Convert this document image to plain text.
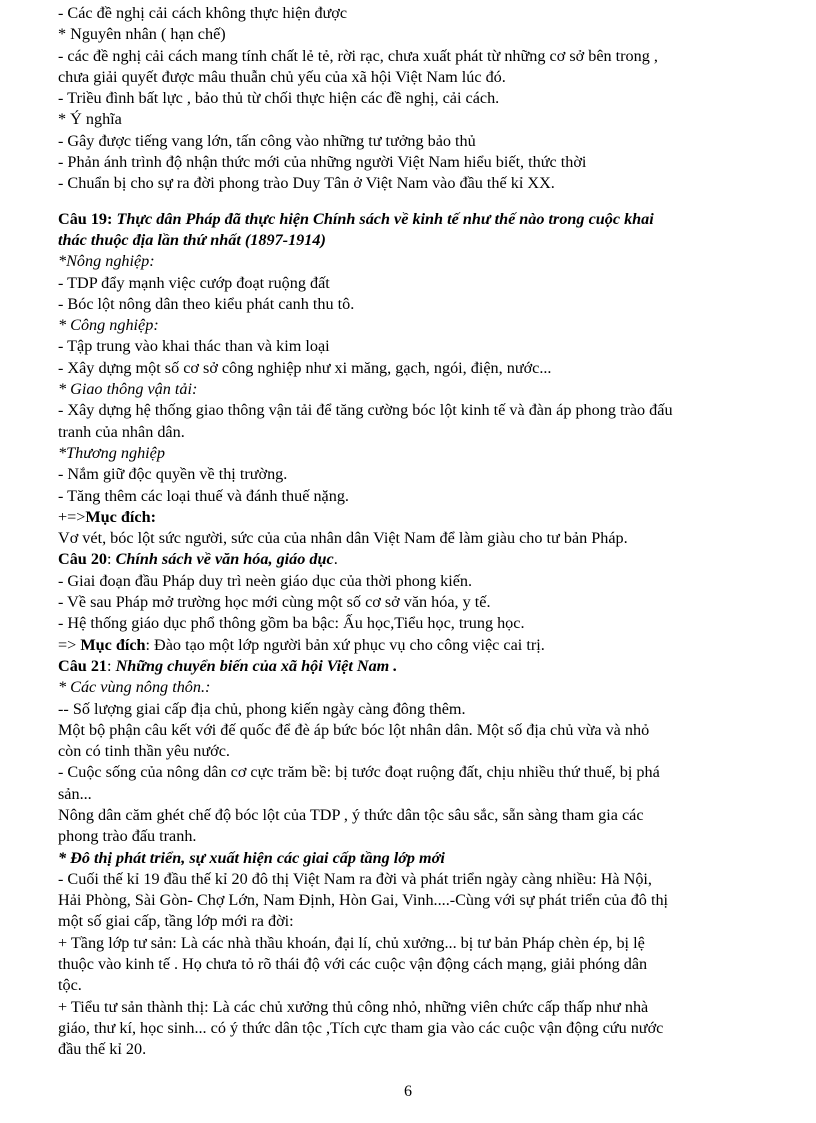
- Các đề nghị cải cách không thực hiện được
* Nguyên nhân ( hạn chế)
- các đề nghị cải cách mang tính chất lẻ tẻ, rời rạc, chưa xuất phát từ những cơ sở bên trong ,
chưa giải quyết được mâu thuẫn chủ yếu của xã hội Việt Nam lúc đó.
- Triều đình bất lực , bảo thủ từ chối thực hiện các đề nghị, cải cách.
* Ý nghĩa
- Gây được tiếng vang lớn, tấn công vào những tư tưởng bảo thủ
- Phản ánh trình độ nhận thức mới của những người Việt Nam hiểu biết, thức thời
- Chuẩn bị cho sự ra đời phong trào Duy Tân ở Việt Nam vào đầu thế kỉ XX.
Câu 19: Thực dân Pháp đã thực hiện Chính sách về kinh tế như thế nào trong cuộc khai
thác thuộc địa lần thứ nhất (1897-1914)
*Nông nghiệp:
- TDP đẩy mạnh việc cướp đoạt ruộng đất
- Bóc lột nông dân theo kiểu phát canh thu tô.
* Công nghiệp:
- Tập trung vào khai thác than và kim loại
- Xây dựng một số cơ sở công nghiệp như xi măng, gạch, ngói, điện, nước...
* Giao thông vận tải:
- Xây dựng hệ thống giao thông vận tải để tăng cường bóc lột kinh tế và đàn áp phong trào đấu
tranh của nhân dân.
*Thương nghiệp
- Nắm giữ độc quyền về thị trường.
- Tăng thêm các loại thuế và đánh thuế nặng.
+=>Mục đích:
Vơ vét, bóc lột sức người, sức của của nhân dân Việt Nam để làm giàu cho tư bản Pháp.
Câu 20: Chính sách về văn hóa, giáo dục.
- Giai đoạn đầu Pháp duy trì neèn giáo dục của thời phong kiến.
- Về sau Pháp mở trường học mới cùng một số cơ sở văn hóa, y tế.
- Hệ thống giáo dục phổ thông gồm ba bậc: Ấu học,Tiểu học, trung học.
=> Mục đích: Đào tạo một lớp người bản xứ phục vụ cho công việc cai trị.
Câu 21: Những chuyển biến của xã hội Việt Nam .
* Các vùng nông thôn.:
-- Số lượng giai cấp địa chủ, phong kiến ngày càng đông thêm.
Một bộ phận câu kết với đế quốc để đè áp bức bóc lột nhân dân. Một số địa chủ vừa và nhỏ
còn có tinh thần yêu nước.
- Cuộc sống của nông dân cơ cực trăm bề: bị tước đoạt ruộng đất, chịu nhiều thứ thuế, bị phá
sản...
Nông dân căm ghét chế độ bóc lột của TDP , ý thức dân tộc sâu sắc, sẵn sàng tham gia các
phong trào đấu tranh.
* Đô thị phát triển, sự xuất hiện các giai cấp tầng lớp mới
- Cuối thế kỉ 19 đầu thế kỉ 20 đô thị Việt Nam ra đời và phát triển ngày càng nhiều: Hà Nội,
Hải Phòng, Sài Gòn- Chợ Lớn, Nam Định, Hòn Gai, Vinh....-Cùng với sự phát triển của đô thị
một số giai cấp, tầng lớp mới ra đời:
+ Tầng lớp tư sản: Là các nhà thầu khoán, đại lí, chủ xưởng... bị tư bản Pháp chèn ép, bị lệ
thuộc vào kinh tế . Họ chưa tỏ rõ thái độ với các cuộc vận động cách mạng, giải phóng dân
tộc.
+ Tiểu tư sản thành thị: Là các chủ xưởng thủ công nhỏ, những viên chức cấp thấp như nhà
giáo, thư kí, học sinh... có ý thức dân tộc ,Tích cực tham gia vào các cuộc vận động cứu nước
đầu thế kỉ 20.
6
